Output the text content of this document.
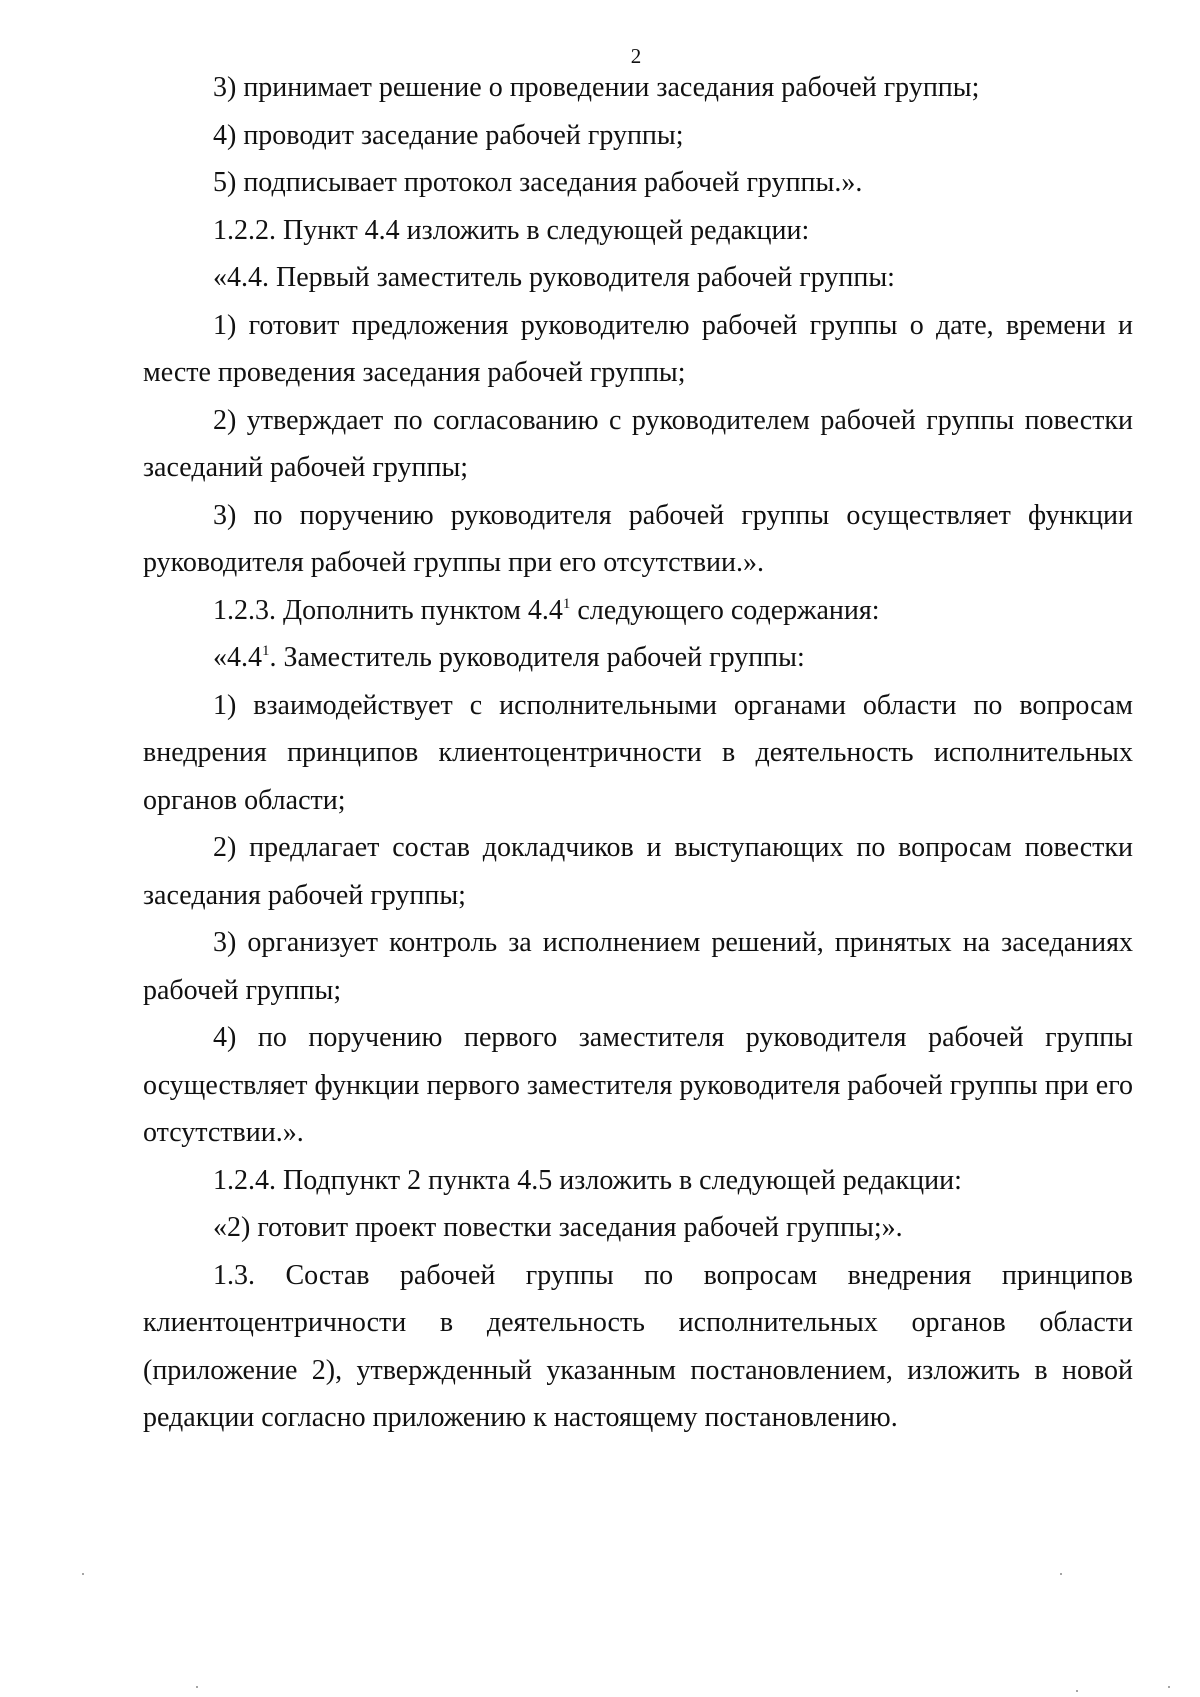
2

3) принимает решение о проведении заседания рабочей группы;

4) проводит заседание рабочей группы;

5) подписывает протокол заседания рабочей группы.».

1.2.2. Пункт 4.4 изложить в следующей редакции:

«4.4. Первый заместитель руководителя рабочей группы:

1) готовит предложения руководителю рабочей группы о дате, времени и месте проведения заседания рабочей группы;

2) утверждает по согласованию с руководителем рабочей группы повестки заседаний рабочей группы;

3) по поручению руководителя рабочей группы осуществляет функции руководителя рабочей группы при его отсутствии.».

1.2.3. Дополнить пунктом $4.4^1$ следующего содержания:

«$4.4^1$. Заместитель руководителя рабочей группы:

1) взаимодействует с исполнительными органами области по вопросам внедрения принципов клиентоцентричности в деятельность исполнительных органов области;

2) предлагает состав докладчиков и выступающих по вопросам повестки заседания рабочей группы;

3) организует контроль за исполнением решений, принятых на заседаниях рабочей группы;

4) по поручению первого заместителя руководителя рабочей группы осуществляет функции первого заместителя руководителя рабочей группы при его отсутствии.».

1.2.4. Подпункт 2 пункта 4.5 изложить в следующей редакции:

«2) готовит проект повестки заседания рабочей группы;».

1.3. Состав рабочей группы по вопросам внедрения принципов клиентоцентричности в деятельность исполнительных органов области (приложение 2), утвержденный указанным постановлением, изложить в новой редакции согласно приложению к настоящему постановлению.
